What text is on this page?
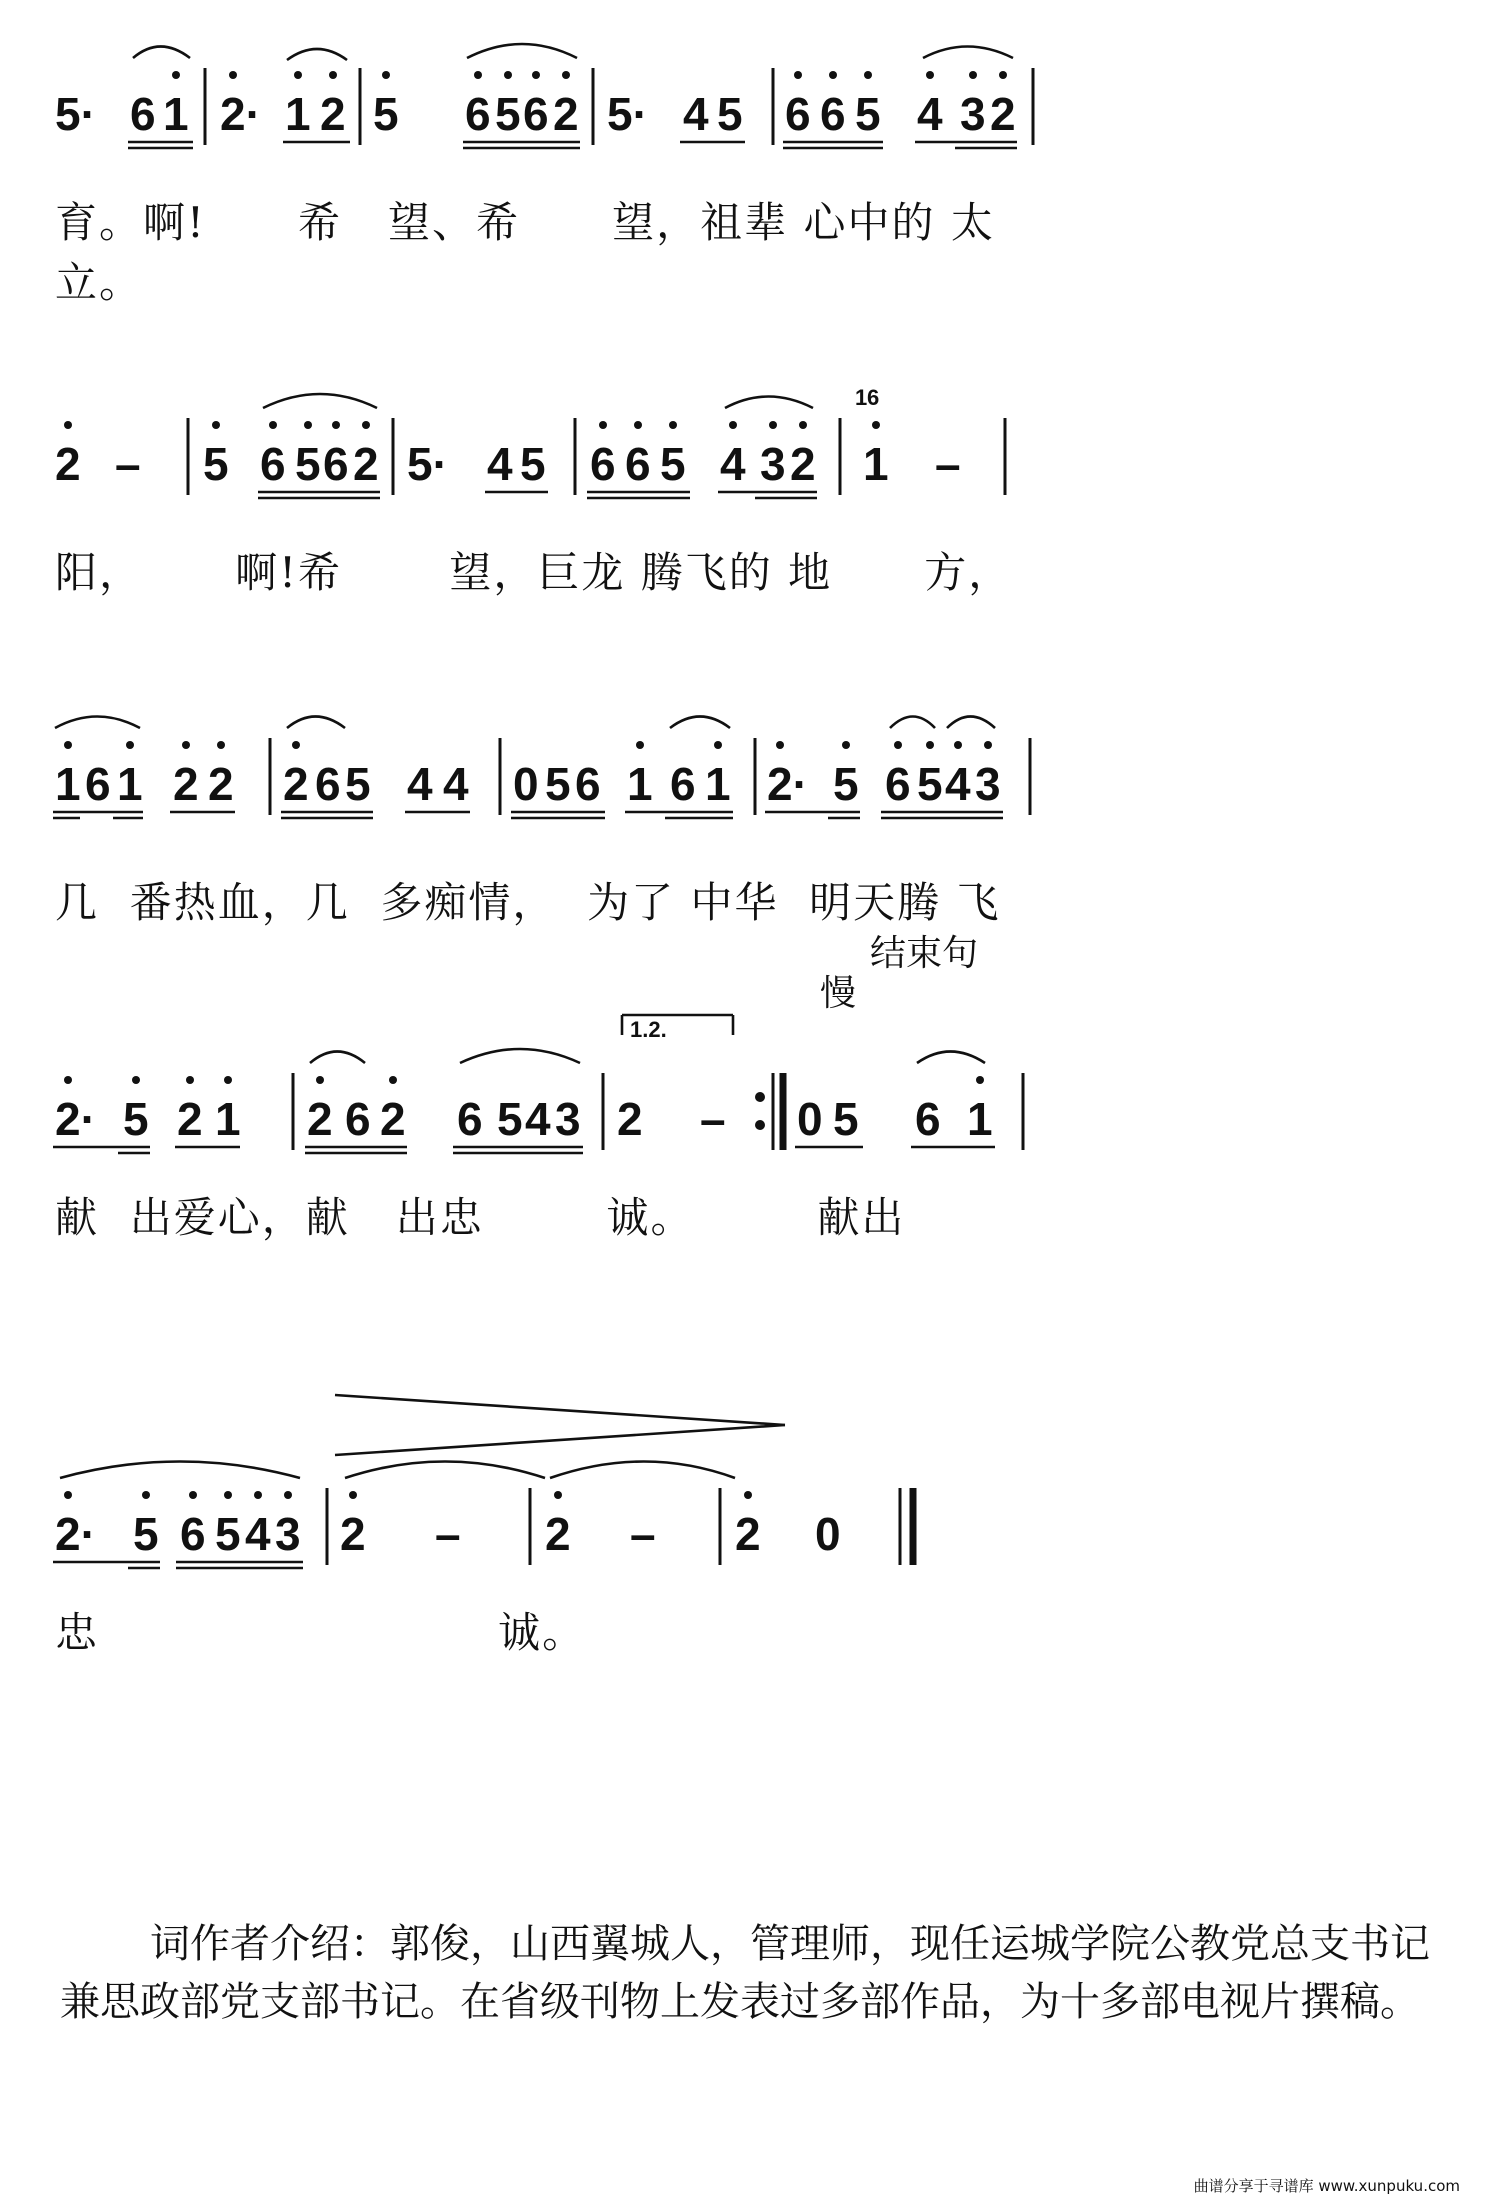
5· 6 1 2· 1 2 5 6 5 6 2 5· 4 5 6 6 5 4 3 2
育。啊!      希   望、希      望，祖辈 心中的 太
立。
2 – 5 6 5 6 2 5· 4 5 6 6 5 4 3 2
1 6
1 –
阳，      啊!希       望，巨龙 腾飞的 地      方，
1 6 1 2 2 2 6 5 4 4 0 5 6 1 6 1 2· 5 6 5 4 3
几  番热血，几  多痴情，  为了 中华  明天腾 飞
2· 5 2 1 2 6 2 6 5 4 3
1.2.
2 – 0 5 6 1
慢
结束句
献  出爱心，献   出忠        诚。        献出
2· 5 6 5 4 3 2 – 2 – 2 0
忠                          诚。
词作者介绍：郭俊，山西翼城人，管理师，现任运城学院公教党总支书记兼思政部党支部书记。在省级刊物上发表过多部作品，为十多部电视片撰稿。
曲谱分享于寻谱库 www.xunpuku.com
